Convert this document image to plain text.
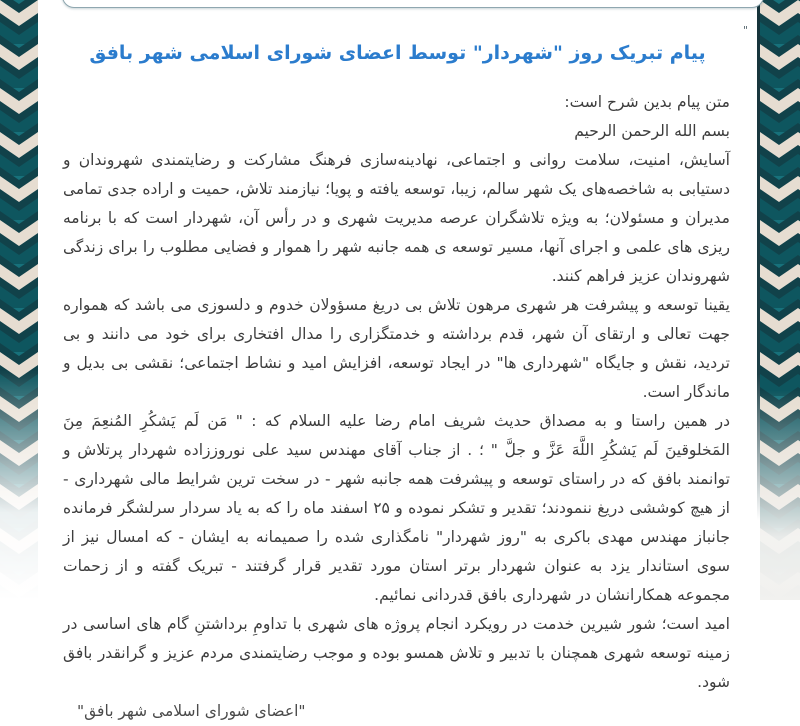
"
پیام تبریک روز "شهردار" توسط اعضای شورای اسلامی شهر بافق

متن پیام بدین شرح است:

بسم الله الرحمن الرحیم

آسایش، امنیت، سلامت روانی و اجتماعی، نهادینه‌سازی فرهنگ مشارکت و رضایتمندی شهروندان و دستیابی به شاخصه‌های یک شهر سالم، زیبا، توسعه یافته و پویا؛ نیازمند تلاش، حمیت و اراده جدی تمامی مدیران و مسئولان؛ به ویژه تلاشگران عرصه مدیریت شهری و در رأس آن، شهردار است که با برنامه ریزی های علمی و اجرای آنها، مسیر توسعه ی همه جانبه شهر را هموار و فضایی مطلوب را برای زندگی شهروندان عزیز فراهم کنند.

یقینا توسعه و پیشرفت هر شهری مرهون تلاش بی دریغ مسؤولان خدوم و دلسوزی می باشد که همواره جهت تعالی و ارتقای آن شهر، قدم برداشته و خدمتگزاری را مدال افتخاری برای خود می دانند و بی تردید، نقش و جایگاه "شهرداری ها" در ایجاد توسعه، افزایش امید و نشاط اجتماعی؛ نقشی بی بدیل و ماندگار است.

در همین راستا و به مصداق حدیث شریف امام رضا علیه السلام که : " مَن لَم یَشکُرِ المُنعِمَ مِنَ المَخلوقینَ لَم یَشکُرِ اللَّهَ عَزَّ و جلَّ " ؛ . از جناب آقای مهندس سید علی نوروززاده شهردار پرتلاش و توانمند بافق که در راستای توسعه و پیشرفت همه جانبه شهر - در سخت ترین شرایط مالی شهرداری - از هیچ کوششی دریغ ننمودند؛ تقدیر و تشکر نموده و ۲۵ اسفند ماه را که به یاد سردار سرلشگر فرمانده جانباز مهندس مهدی باکری به "روز شهردار" نامگذاری شده را صمیمانه به ایشان - که امسال نیز از سوی استاندار یزد به عنوان شهردار برتر استان مورد تقدیر قرار گرفتند - تبریک گفته و از زحمات مجموعه همکارانشان در شهرداری بافق قدردانی نمائیم.

امید است؛ شور شیرین خدمت در رویکرد انجام پروژه های شهری با تداومِ برداشتنِ گام های اساسی در زمینه توسعه شهری همچنان با تدبیر و تلاش همسو بوده و موجب رضایتمندی مردم عزیز و گرانقدر بافق شود.

"اعضای شورای اسلامی شهر بافق"
